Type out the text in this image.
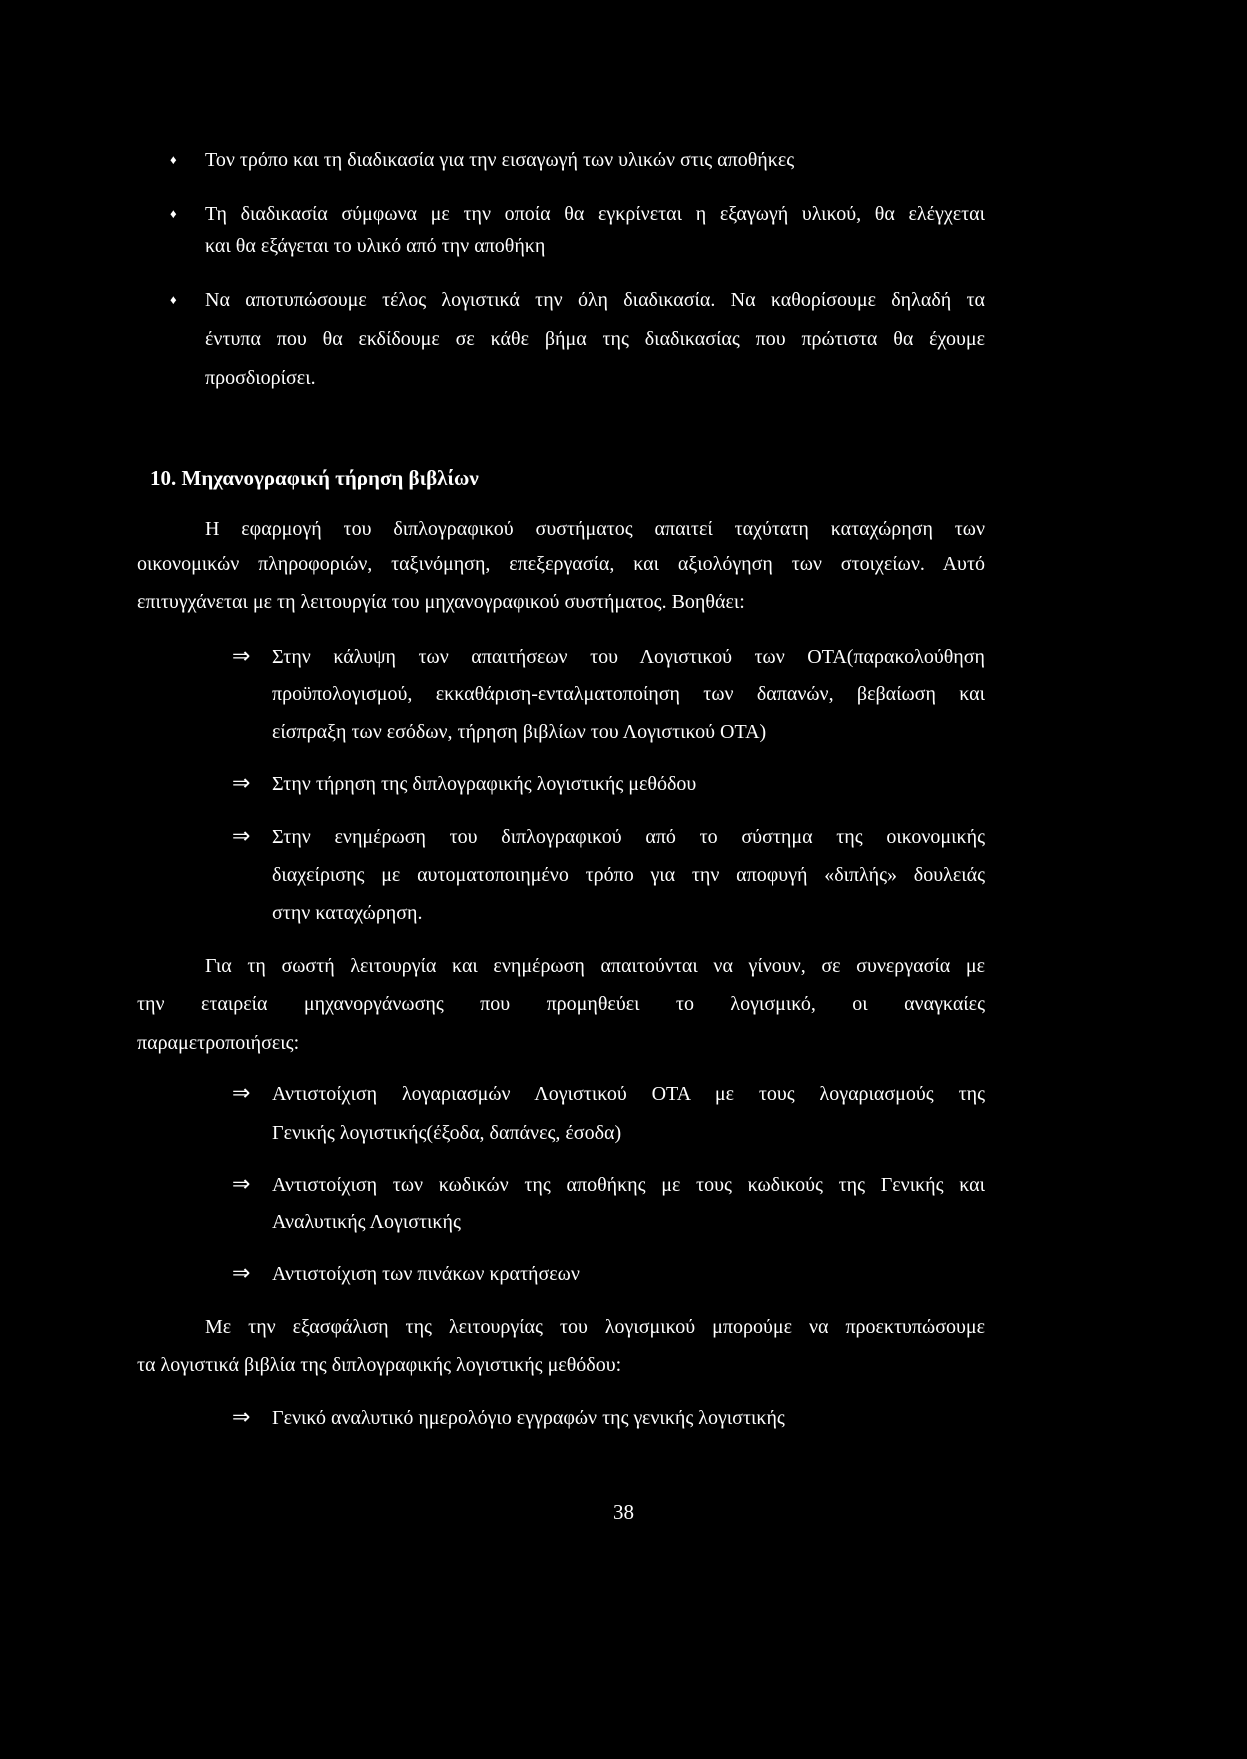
♦ Τον τρόπο και τη διαδικασία για την εισαγωγή των υλικών στις αποθήκες
♦ Τη διαδικασία σύμφωνα με την οποία θα εγκρίνεται η εξαγωγή υλικού, θα ελέγχεται
και θα εξάγεται το υλικό από την αποθήκη
♦ Να αποτυπώσουμε τέλος λογιστικά την όλη διαδικασία. Να καθορίσουμε δηλαδή τα
έντυπα που θα εκδίδουμε σε κάθε βήμα της διαδικασίας που πρώτιστα θα έχουμε
προσδιορίσει.
10. Μηχανογραφική τήρηση βιβλίων
Η εφαρμογή του διπλογραφικού συστήματος απαιτεί ταχύτατη καταχώρηση των
οικονομικών πληροφοριών, ταξινόμηση, επεξεργασία, και αξιολόγηση των στοιχείων. Αυτό
επιτυγχάνεται με τη λειτουργία του μηχανογραφικού συστήματος. Βοηθάει:
⇒ Στην κάλυψη των απαιτήσεων του Λογιστικού των ΟΤΑ(παρακολούθηση
προϋπολογισμού, εκκαθάριση-ενταλματοποίηση των δαπανών, βεβαίωση και
είσπραξη των εσόδων, τήρηση βιβλίων του Λογιστικού ΟΤΑ)
⇒ Στην τήρηση της διπλογραφικής λογιστικής μεθόδου
⇒ Στην ενημέρωση του διπλογραφικού από το σύστημα της οικονομικής
διαχείρισης με αυτοματοποιημένο τρόπο για την αποφυγή «διπλής» δουλειάς
στην καταχώρηση.
Για τη σωστή λειτουργία και ενημέρωση απαιτούνται να γίνουν, σε συνεργασία με
την εταιρεία μηχανοργάνωσης που προμηθεύει το λογισμικό, οι αναγκαίες
παραμετροποιήσεις:
⇒ Αντιστοίχιση λογαριασμών Λογιστικού ΟΤΑ με τους λογαριασμούς της
Γενικής λογιστικής(έξοδα, δαπάνες, έσοδα)
⇒ Αντιστοίχιση των κωδικών της αποθήκης με τους κωδικούς της Γενικής και
Αναλυτικής Λογιστικής
⇒ Αντιστοίχιση των πινάκων κρατήσεων
Με την εξασφάλιση της λειτουργίας του λογισμικού μπορούμε να προεκτυπώσουμε
τα λογιστικά βιβλία της διπλογραφικής λογιστικής μεθόδου:
⇒ Γενικό αναλυτικό ημερολόγιο εγγραφών της γενικής λογιστικής
38
